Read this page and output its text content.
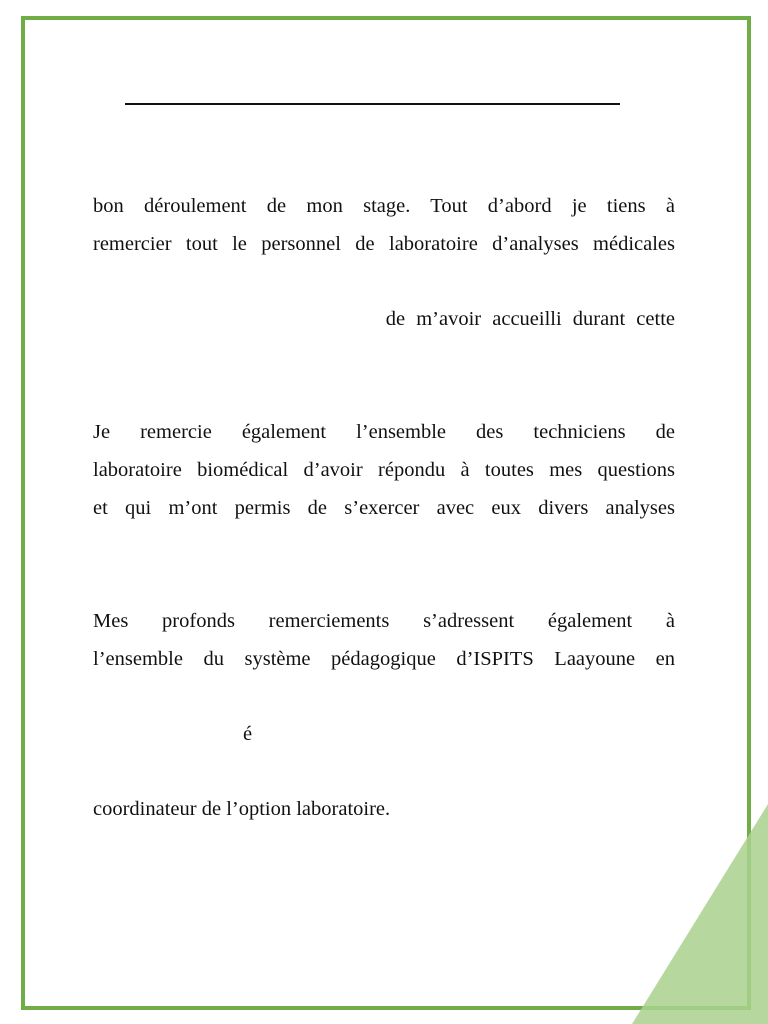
bon déroulement de mon stage. Tout d’abord je tiens à
remercier tout le personnel de laboratoire d’analyses médicales
de m’avoir accueilli durant cette
Je remercie également l’ensemble des techniciens de
laboratoire biomédical d’avoir répondu à toutes mes questions
et qui m’ont permis de s’exercer avec eux divers analyses
Mes profonds remerciements s’adressent également à
l’ensemble du système pédagogique d’ISPITS Laayoune en
é
coordinateur de l’option laboratoire.
